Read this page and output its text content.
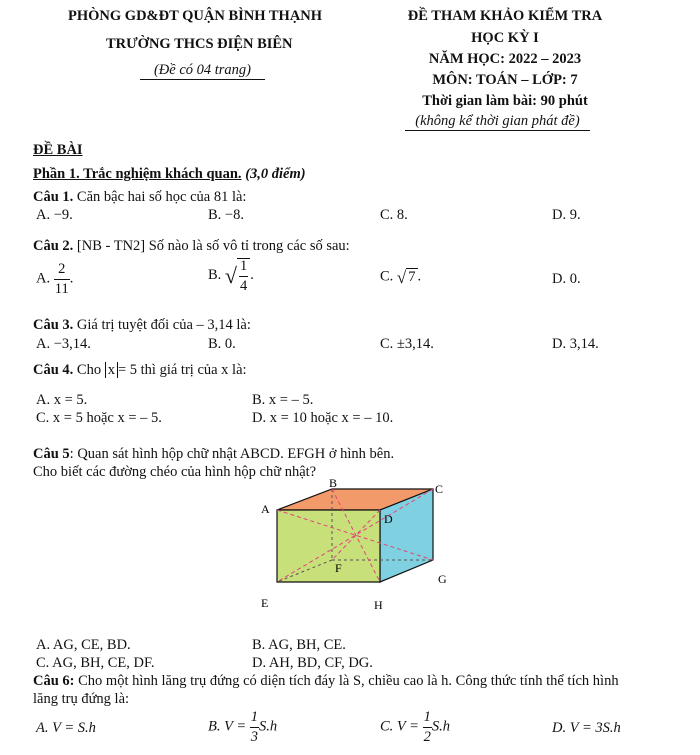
PHÒNG GD&ĐT QUẬN BÌNH THẠNH
TRƯỜNG THCS ĐIỆN BIÊN
(Đề có 04 trang)
ĐỀ THAM KHẢO KIỂM TRA
HỌC KỲ I
NĂM HỌC: 2022 – 2023
MÔN: TOÁN – LỚP: 7
Thời gian làm bài: 90 phút
(không kể thời gian phát đề)
ĐỀ BÀI
Phần 1. Trắc nghiệm khách quan. (3,0 điểm)
Câu 1. Căn bậc hai số học của 81 là:
A. −9.	B. −8.	C. 8.	D. 9.
Câu 2. [NB - TN2] Số nào là số vô tỉ trong các số sau:
A. $\frac{2}{11}$ .	B. √ $\frac{1}{4}$ .	C. √ 7 .	D. 0.
Câu 3. Giá trị tuyệt đối của – 3,14 là:
A. −3,14.	B. 0.	C. ±3,14.	D. 3,14.
Câu 4. Cho x = 5 thì giá trị của x là:
A. x = 5.	B. x = – 5.
C. x = 5 hoặc x = – 5.	D. x = 10 hoặc x = – 10.
Câu 5: Quan sát hình hộp chữ nhật ABCD. EFGH ở hình bên.
Cho biết các đường chéo của hình hộp chữ nhật?
B	C
A
D
F
G
E	H
A. AG, CE, BD.	B. AG, BH, CE.
C. AG, BH, CE, DF.	D. AH, BD, CF, DG.
Câu 6: Cho một hình lăng trụ đứng có diện tích đáy là S, chiều cao là h. Công thức tính thể tích hình
lăng trụ đứng là:
A. V = S.h	B. $V = \frac{1}{3} S.h$	C. $V = \frac{1}{2} S.h$	D. V = 3S.h
